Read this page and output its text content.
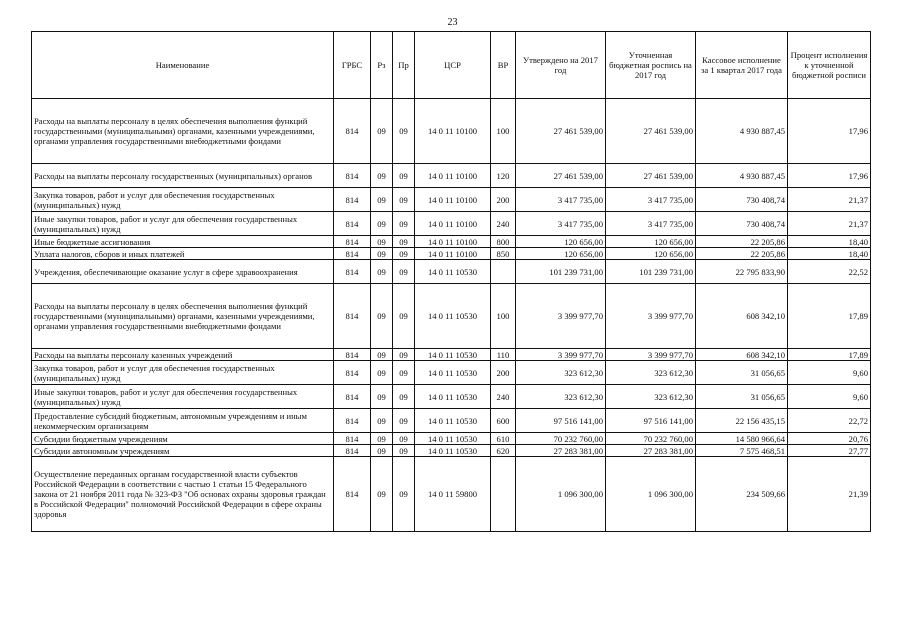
23
Наименование	ГРБС	Рз	Пр	ЦСР	ВР	Утверждено на 2017 год	Уточненная бюджетная роспись на 2017 год	Кассовое исполнение за 1 квартал 2017 года	Процент исполнения к уточненной бюджетной росписи
Расходы на выплаты персоналу в целях обеспечения выполнения функций государственными (муниципальными) органами, казенными учреждениями, органами управления государственными внебюджетными фондами	814	09	09	14 0 11 10100	100	27 461 539,00	27 461 539,00	4 930 887,45	17,96
Расходы на выплаты персоналу государственных (муниципальных) органов	814	09	09	14 0 11 10100	120	27 461 539,00	27 461 539,00	4 930 887,45	17,96
Закупка товаров, работ и услуг для обеспечения государственных (муниципальных) нужд	814	09	09	14 0 11 10100	200	3 417 735,00	3 417 735,00	730 408,74	21,37
Иные закупки товаров, работ и услуг для обеспечения государственных (муниципальных) нужд	814	09	09	14 0 11 10100	240	3 417 735,00	3 417 735,00	730 408,74	21,37
Иные бюджетные ассигнования	814	09	09	14 0 11 10100	800	120 656,00	120 656,00	22 205,86	18,40
Уплата налогов, сборов и иных платежей	814	09	09	14 0 11 10100	850	120 656,00	120 656,00	22 205,86	18,40
Учреждения, обеспечивающие оказание услуг в сфере здравоохранения	814	09	09	14 0 11 10530		101 239 731,00	101 239 731,00	22 795 833,90	22,52
Расходы на выплаты персоналу в целях обеспечения выполнения функций государственными (муниципальными) органами, казенными учреждениями, органами управления государственными внебюджетными фондами	814	09	09	14 0 11 10530	100	3 399 977,70	3 399 977,70	608 342,10	17,89
Расходы на выплаты персоналу казенных учреждений	814	09	09	14 0 11 10530	110	3 399 977,70	3 399 977,70	608 342,10	17,89
Закупка товаров, работ и услуг для обеспечения государственных (муниципальных) нужд	814	09	09	14 0 11 10530	200	323 612,30	323 612,30	31 056,65	9,60
Иные закупки товаров, работ и услуг для обеспечения государственных (муниципальных) нужд	814	09	09	14 0 11 10530	240	323 612,30	323 612,30	31 056,65	9,60
Предоставление субсидий бюджетным, автономным учреждениям и иным некоммерческим организациям	814	09	09	14 0 11 10530	600	97 516 141,00	97 516 141,00	22 156 435,15	22,72
Субсидии бюджетным учреждениям	814	09	09	14 0 11 10530	610	70 232 760,00	70 232 760,00	14 580 966,64	20,76
Субсидии автономным учреждениям	814	09	09	14 0 11 10530	620	27 283 381,00	27 283 381,00	7 575 468,51	27,77
Осуществление переданных органам государственной власти субъектов Российской Федерации в соответствии с частью 1 статьи 15 Федерального закона от 21 ноября 2011 года № 323-ФЗ "Об основах охраны здоровья граждан в Российской Федерации" полномочий Российской Федерации в сфере охраны здоровья	814	09	09	14 0 11 59800		1 096 300,00	1 096 300,00	234 509,66	21,39
